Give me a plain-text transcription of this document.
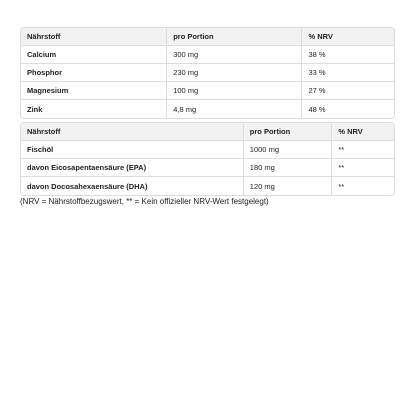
Nährstoff	pro Portion	% NRV
Calcium	300 mg	38 %
Phosphor	230 mg	33 %
Magnesium	100 mg	27 %
Zink	4,8 mg	48 %
Nährstoff	pro Portion	% NRV
Fischöl	1000 mg	**
davon Eicosapentaensäure (EPA)	180 mg	**
davon Docosahexaensäure (DHA)	120 mg	**

(NRV = Nährstoffbezugswert, ** = Kein offizieller NRV-Wert festgelegt)
